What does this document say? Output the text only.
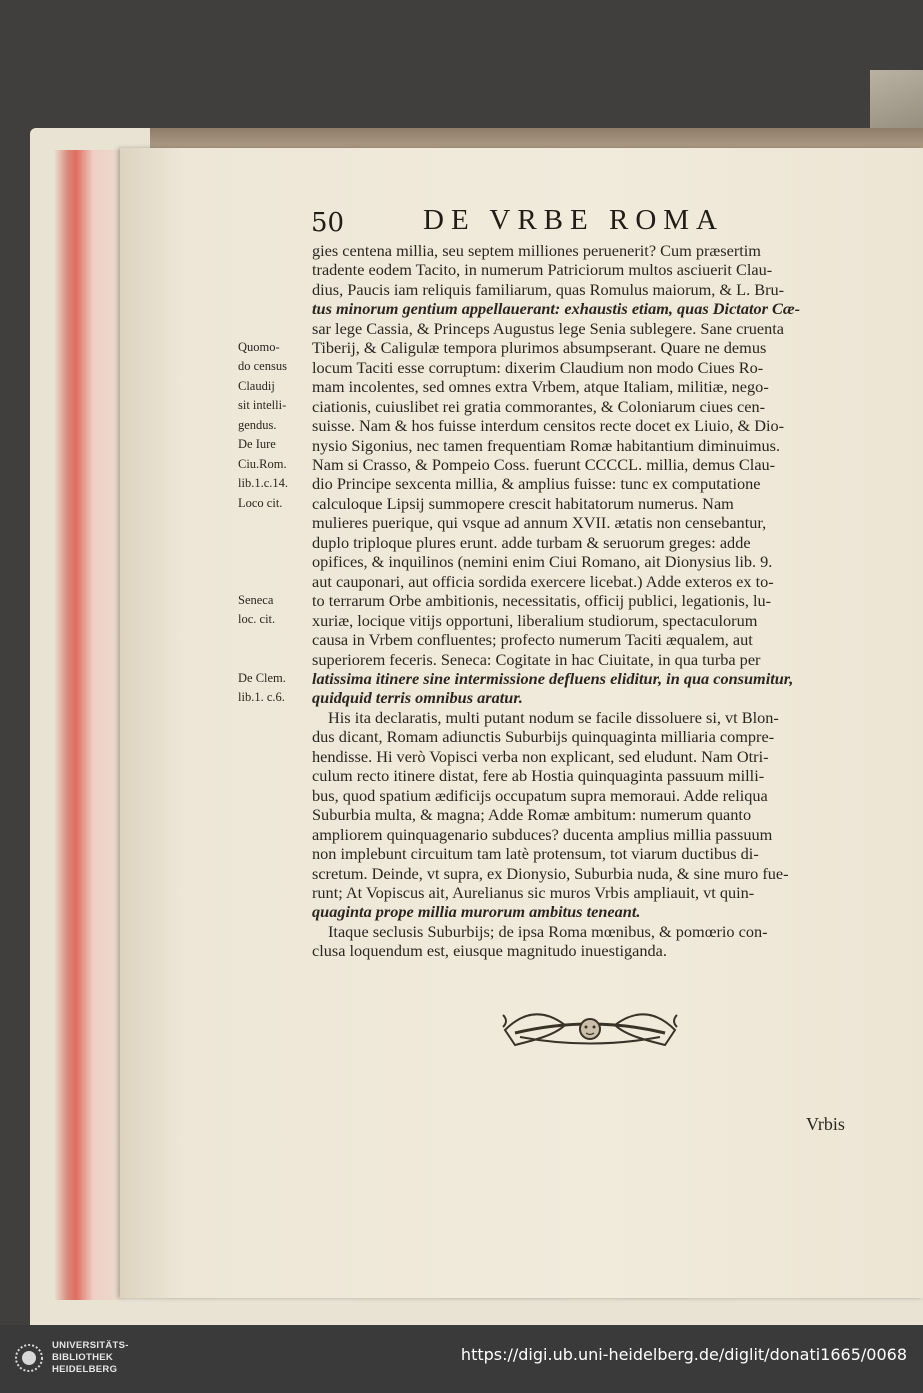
50	DE VRBE ROMA
Quomo-
do census
Claudij
sit intelli-
gendus.
De Iure
Ciu.Rom.
lib.1.c.14.
Loco cit.
Seneca
loc. cit.
De Clem.
lib.1. c.6.
gies centena millia, seu septem milliones peruenerit? Cum præsertim
tradente eodem Tacito, in numerum Patriciorum multos asciuerit Clau-
dius, Paucis iam reliquis familiarum, quas Romulus maiorum, & L. Bru-
tus minorum gentium appellauerant: exhaustis etiam, quas Dictator Cæ-
sar lege Cassia, & Princeps Augustus lege Senia sublegere. Sane cruenta
Tiberij, & Caligulæ tempora plurimos absumpserant. Quare ne demus
locum Taciti esse corruptum: dixerim Claudium non modo Ciues Ro-
mam incolentes, sed omnes extra Vrbem, atque Italiam, militiæ, nego-
ciationis, cuiuslibet rei gratia commorantes, & Coloniarum ciues cen-
suisse. Nam & hos fuisse interdum censitos recte docet ex Liuio, & Dio-
nysio Sigonius, nec tamen frequentiam Romæ habitantium diminuimus.
Nam si Crasso, & Pompeio Coss. fuerunt CCCCL. millia, demus Clau-
dio Principe sexcenta millia, & amplius fuisse: tunc ex computatione
calculoque Lipsij summopere crescit habitatorum numerus. Nam
mulieres puerique, qui vsque ad annum XVII. ætatis non censebantur,
duplo triploque plures erunt. adde turbam & seruorum greges: adde
opifices, & inquilinos (nemini enim Ciui Romano, ait Dionysius lib. 9.
aut cauponari, aut officia sordida exercere licebat.) Adde exteros ex to-
to terrarum Orbe ambitionis, necessitatis, officij publici, legationis, lu-
xuriæ, locique vitijs opportuni, liberalium studiorum, spectaculorum
causa in Vrbem confluentes; profecto numerum Taciti æqualem, aut
superiorem feceris. Seneca: Cogitate in hac Ciuitate, in qua turba per
latissima itinere sine intermissione defluens eliditur, in qua consumitur,
quidquid terris omnibus aratur.
His ita declaratis, multi putant nodum se facile dissoluere si, vt Blon-
dus dicant, Romam adiunctis Suburbijs quinquaginta milliaria compre-
hendisse. Hi verò Vopisci verba non explicant, sed eludunt. Nam Otri-
culum recto itinere distat, fere ab Hostia quinquaginta passuum milli-
bus, quod spatium ædificijs occupatum supra memoraui. Adde reliqua
Suburbia multa, & magna; Adde Romæ ambitum: numerum quanto
ampliorem quinquagenario subduces? ducenta amplius millia passuum
non implebunt circuitum tam latè protensum, tot viarum ductibus di-
scretum. Deinde, vt supra, ex Dionysio, Suburbia nuda, & sine muro fue-
runt; At Vopiscus ait, Aurelianus sic muros Vrbis ampliauit, vt quin-
quaginta prope millia murorum ambitus teneant.
Itaque seclusis Suburbijs; de ipsa Roma mœnibus, & pomœrio con-
clusa loquendum est, eiusque magnitudo inuestiganda.
Vrbis
UNIVERSITÄTS-
BIBLIOTHEK
HEIDELBERG
https://digi.ub.uni-heidelberg.de/diglit/donati1665/0068
